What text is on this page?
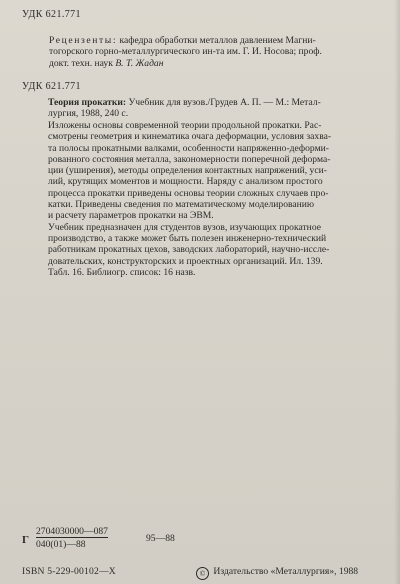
УДК 621.771
Рецензенты: кафедра обработки металлов давлением Магни-
тогорского горно-металлургического ин-та им. Г. И. Носова; проф.
докт. техн. наук В. Т. Жадан
УДК 621.771
Теория прокатки: Учебник для вузов./Грудев А. П. — М.: Метал-
лургия, 1988, 240 с.
Изложены основы современной теории продольной прокатки. Рас-
смотрены геометрия и кинематика очага деформации, условия захва-
та полосы прокатными валками, особенности напряженно-деформи-
рованного состояния металла, закономерности поперечной деформа-
ции (уширения), методы определения контактных напряжений, уси-
лий, крутящих моментов и мощности. Наряду с анализом простого
процесса прокатки приведены основы теории сложных случаев про-
катки. Приведены сведения по математическому моделированию
и расчету параметров прокатки на ЭВМ.
Учебник предназначен для студентов вузов, изучающих прокатное
производство, а также может быть полезен инженерно-технический
работникам прокатных цехов, заводских лабораторий, научно-иссле-
довательских, конструкторских и проектных организаций. Ил. 139.
Табл. 16. Библиогр. список: 16 назв.
Г
2704030000—087
040(01)—88
95—88
ISBN 5-229-00102—X	© Издательство «Металлургия», 1988
